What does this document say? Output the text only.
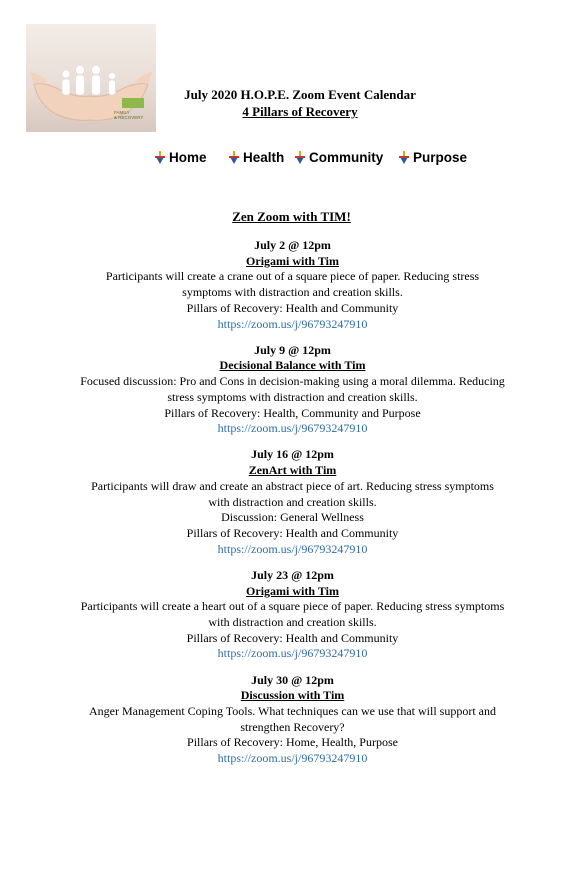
FAMILY
& RECOVERY
July 2020 H.O.P.E. Zoom Event Calendar
4 Pillars of Recovery
Home	Health Community Purpose
Zen Zoom with TIM!
July 2 @ 12pm
Origami with Tim
Participants will create a crane out of a square piece of paper. Reducing stress
symptoms with distraction and creation skills.
Pillars of Recovery: Health and Community
https://zoom.us/j/96793247910
July 9 @ 12pm
Decisional Balance with Tim
Focused discussion: Pro and Cons in decision-making using a moral dilemma. Reducing
stress symptoms with distraction and creation skills.
Pillars of Recovery: Health, Community and Purpose
https://zoom.us/j/96793247910
July 16 @ 12pm
ZenArt with Tim
Participants will draw and create an abstract piece of art. Reducing stress symptoms
with distraction and creation skills.
Discussion: General Wellness
Pillars of Recovery: Health and Community
https://zoom.us/j/96793247910
July 23 @ 12pm
Origami with Tim
Participants will create a heart out of a square piece of paper. Reducing stress symptoms
with distraction and creation skills.
Pillars of Recovery: Health and Community
https://zoom.us/j/96793247910
July 30 @ 12pm
Discussion with Tim
Anger Management Coping Tools. What techniques can we use that will support and
strengthen Recovery?
Pillars of Recovery: Home, Health, Purpose
https://zoom.us/j/96793247910
